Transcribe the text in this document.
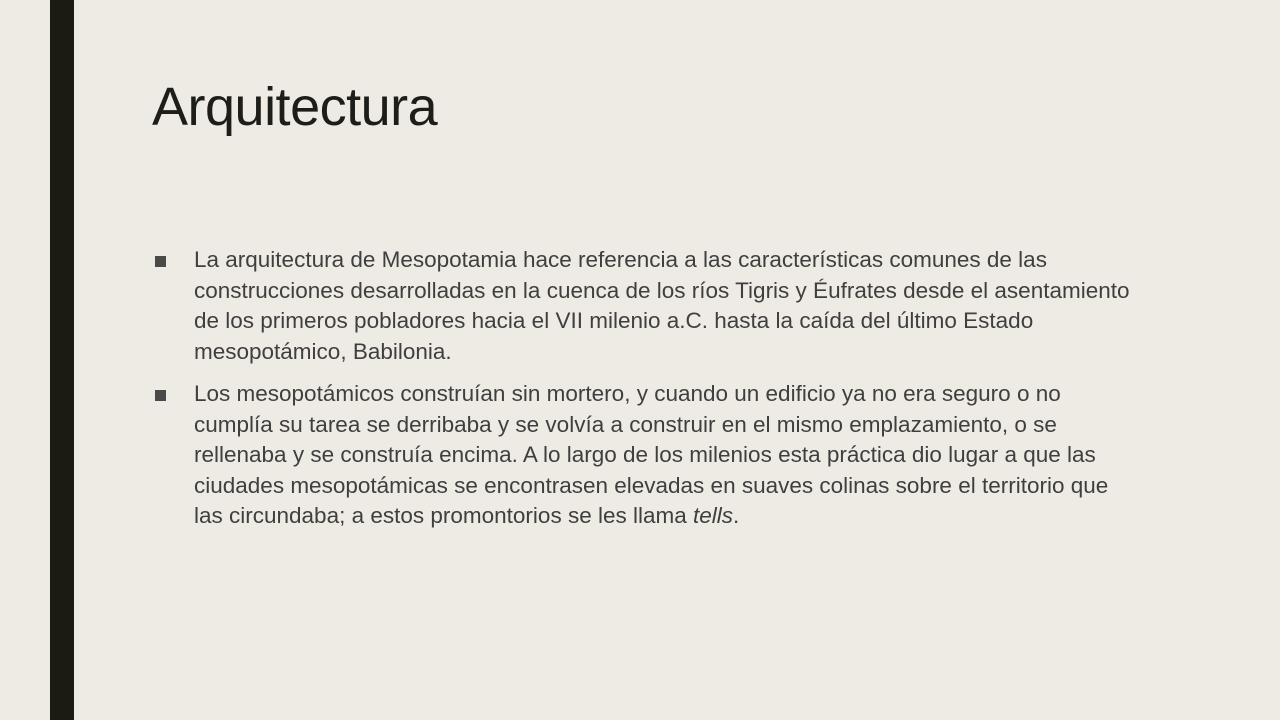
Arquitectura
La arquitectura de Mesopotamia hace referencia a las características comunes de las construcciones desarrolladas en la cuenca de los ríos Tigris y Éufrates desde el asentamiento de los primeros pobladores hacia el VII milenio a.C. hasta la caída del último Estado mesopotámico, Babilonia.
Los mesopotámicos construían sin mortero, y cuando un edificio ya no era seguro o no cumplía su tarea se derribaba y se volvía a construir en el mismo emplazamiento, o se rellenaba y se construía encima. A lo largo de los milenios esta práctica dio lugar a que las ciudades mesopotámicas se encontrasen elevadas en suaves colinas sobre el territorio que las circundaba; a estos promontorios se les llama tells.
